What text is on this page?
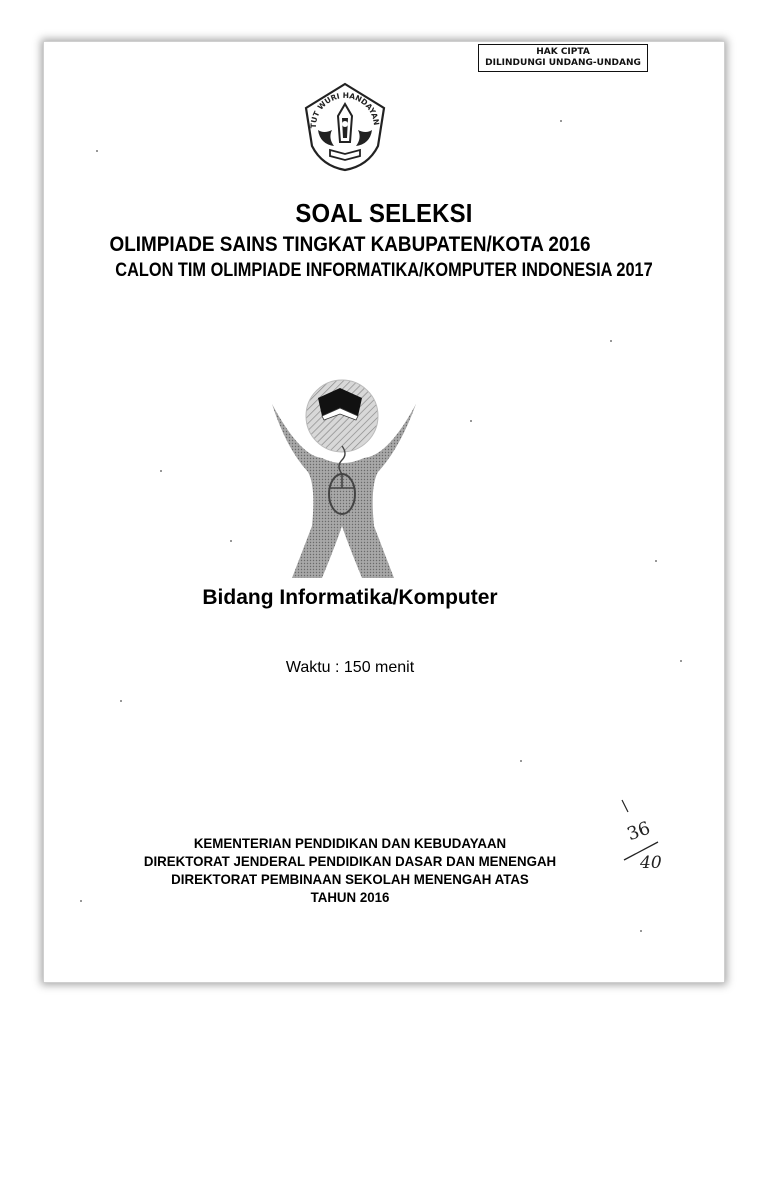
HAK CIPTA
DILINDUNGI UNDANG-UNDANG
TUT WURI HANDAYAN
SOAL SELEKSI
OLIMPIADE SAINS TINGKAT KABUPATEN/KOTA 2016
CALON TIM OLIMPIADE INFORMATIKA/KOMPUTER INDONESIA 2017
Bidang Informatika/Komputer
Waktu : 150 menit
KEMENTERIAN PENDIDIKAN DAN KEBUDAYAAN
DIREKTORAT JENDERAL PENDIDIKAN DASAR DAN MENENGAH
DIREKTORAT PEMBINAAN SEKOLAH MENENGAH ATAS
TAHUN 2016
36
40
